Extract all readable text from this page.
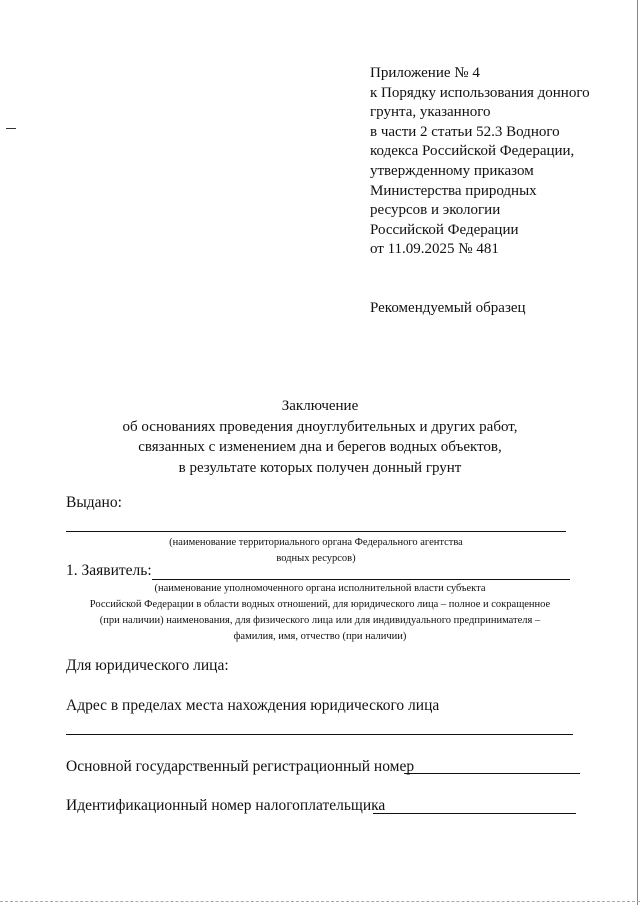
Приложение № 4
к Порядку использования донного
грунта, указанного
в части 2 статьи 52.3 Водного
кодекса Российской Федерации,
утвержденному приказом
Министерства природных
ресурсов и экологии
Российской Федерации
от 11.09.2025 № 481
Рекомендуемый образец
Заключение
об основаниях проведения дноуглубительных и других работ,
связанных с изменением дна и берегов водных объектов,
в результате которых получен донный грунт
Выдано:
(наименование территориального органа Федерального агентства
водных ресурсов)
1. Заявитель:
(наименование уполномоченного органа исполнительной власти субъекта
Российской Федерации в области водных отношений, для юридического лица – полное и сокращенное
(при наличии) наименования, для физического лица или для индивидуального предпринимателя –
фамилия, имя, отчество (при наличии)
Для юридического лица:
Адрес в пределах места нахождения юридического лица
Основной государственный регистрационный номер
Идентификационный номер налогоплательщика
